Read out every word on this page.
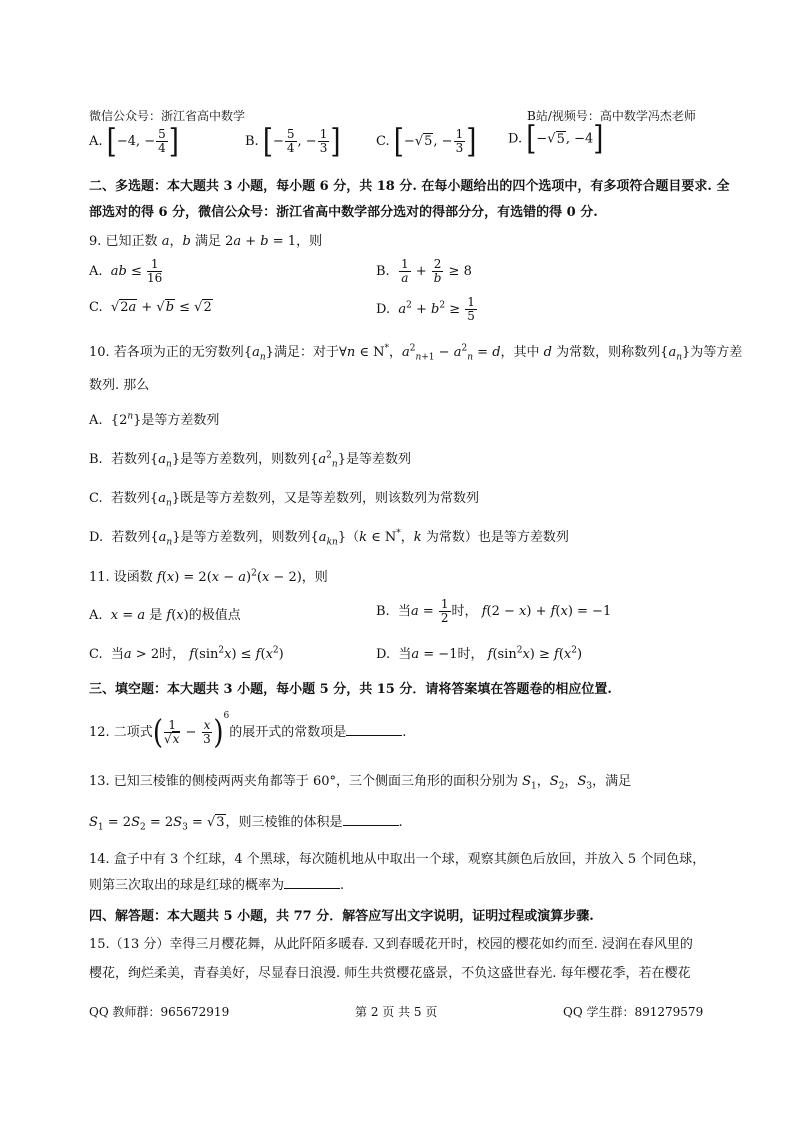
微信公众号：浙江省高中数学	B站/视频号：高中数学冯杰老师
A. [−4, − $\frac{5}{4}$ ]	B. [− $\frac{5}{4}$ , − $\frac{1}{3}$ ]	C. [−√5, − $\frac{1}{3}$ ] D. [−√5, −4]
二、多选题：本大题共 3 小题，每小题 6 分，共 18 分. 在每小题给出的四个选项中，有多项符合题目要求. 全
部选对的得 6 分，微信公众号：浙江省高中数学部分选对的得部分分，有选错的得 0 分.
9. 已知正数 a，b 满足 2a + b = 1，则
A. ab ≤ $\frac{1}{16}$	B. $\frac{1}{a} + \frac{2}{b} \ge 8$
C.  √2a + √b ≤ √2	D. $a^2 + b^2 \ge \frac{1}{5}$
10. 若各项为正的无穷数列$\{a_n\}$满足：对于∀n ∈ N*，$a^2_{n+1} - a^2_n = d$，其中 d 为常数，则称数列$\{a_n\}$为等方差
数列. 那么
A.  {2$^n$}是等方差数列
B. 若数列$\{a_n\}$是等方差数列，则数列$\{a^2_n\}$是等差数列
C. 若数列$\{a_n\}$既是等方差数列，又是等差数列，则该数列为常数列
D. 若数列$\{a_n\}$是等方差数列，则数列$\{a_{kn}\}(k$ ∈ N*，k 为常数）也是等方差数列
11. 设函数 $f(x) = 2(x - a)^2(x - 2)$，则
A. x = a 是 f(x)的极值点	B. 当$a = \frac{1}{2}$ 时， f(2 − x) + f(x) = −1
C. 当a > 2时， $f(\sin^2x) \le f(x^2)$	D. 当a = −1时， $f(\sin^2x) \ge f(x^2)$
三、填空题：本大题共 3 小题，每小题 5 分，共 15 分．请将答案填在答题卷的相应位置.
12. 二项式( $\frac{1}{√x} - \frac{x}{3} )^6$的展开式的常数项是	.
13. 已知三棱锥的侧棱两两夹角都等于 60°，三个侧面三角形的面积分别为 $S_1$，$S_2$，$S_3$，满足
$S_1 = 2S_2 = 2S_3 = √3$，则三棱锥的体积是	.
14. 盒子中有 3 个红球，4 个黑球，每次随机地从中取出一个球，观察其颜色后放回，并放入 5 个同色球，
则第三次取出的球是红球的概率为	.
四、解答题：本大题共 5 小题，共 77 分．解答应写出文字说明，证明过程或演算步骤.
15.（13 分）幸得三月樱花舞，从此阡陌多暖春. 又到春暖花开时，校园的樱花如约而至. 浸润在春风里的
樱花，绚烂柔美，青春美好，尽显春日浪漫. 师生共赏樱花盛景，不负这盛世春光. 每年樱花季，若在樱花
QQ 教师群：965672919	第 2 页 共 5 页	QQ 学生群：891279579
